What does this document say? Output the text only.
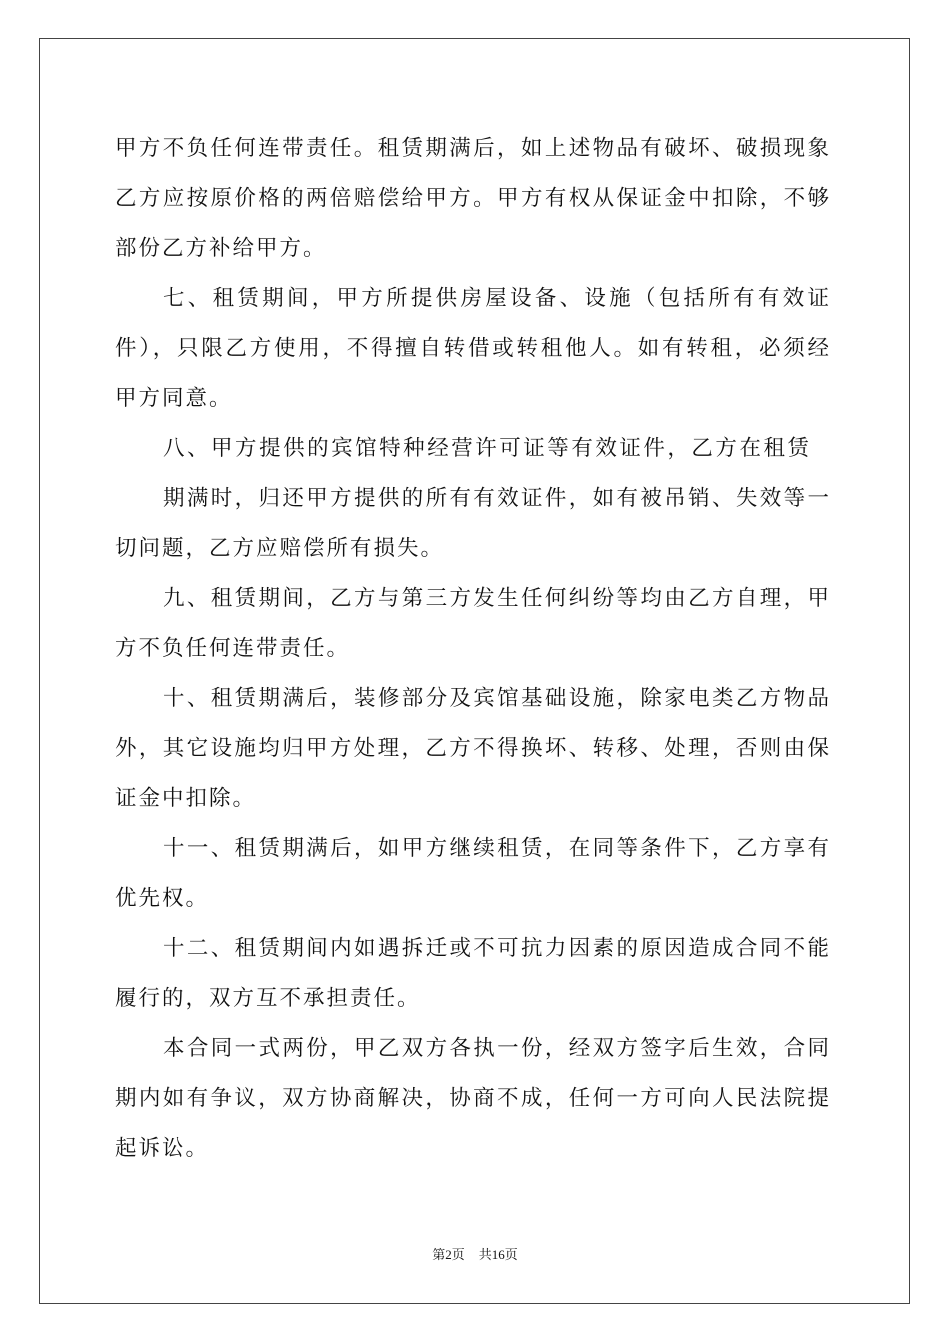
甲方不负任何连带责任。租赁期满后，如上述物品有破坏、破损现象
乙方应按原价格的两倍赔偿给甲方。甲方有权从保证金中扣除，不够
部份乙方补给甲方。
七、租赁期间，甲方所提供房屋设备、设施（包括所有有效证
件），只限乙方使用，不得擅自转借或转租他人。如有转租，必须经
甲方同意。
八、甲方提供的宾馆特种经营许可证等有效证件，乙方在租赁
期满时，归还甲方提供的所有有效证件，如有被吊销、失效等一
切问题，乙方应赔偿所有损失。
九、租赁期间，乙方与第三方发生任何纠纷等均由乙方自理，甲
方不负任何连带责任。
十、租赁期满后，装修部分及宾馆基础设施，除家电类乙方物品
外，其它设施均归甲方处理，乙方不得换坏、转移、处理，否则由保
证金中扣除。
十一、租赁期满后，如甲方继续租赁，在同等条件下，乙方享有
优先权。
十二、租赁期间内如遇拆迁或不可抗力因素的原因造成合同不能
履行的，双方互不承担责任。
本合同一式两份，甲乙双方各执一份，经双方签字后生效，合同
期内如有争议，双方协商解决，协商不成，任何一方可向人民法院提
起诉讼。
第2页 共16页
